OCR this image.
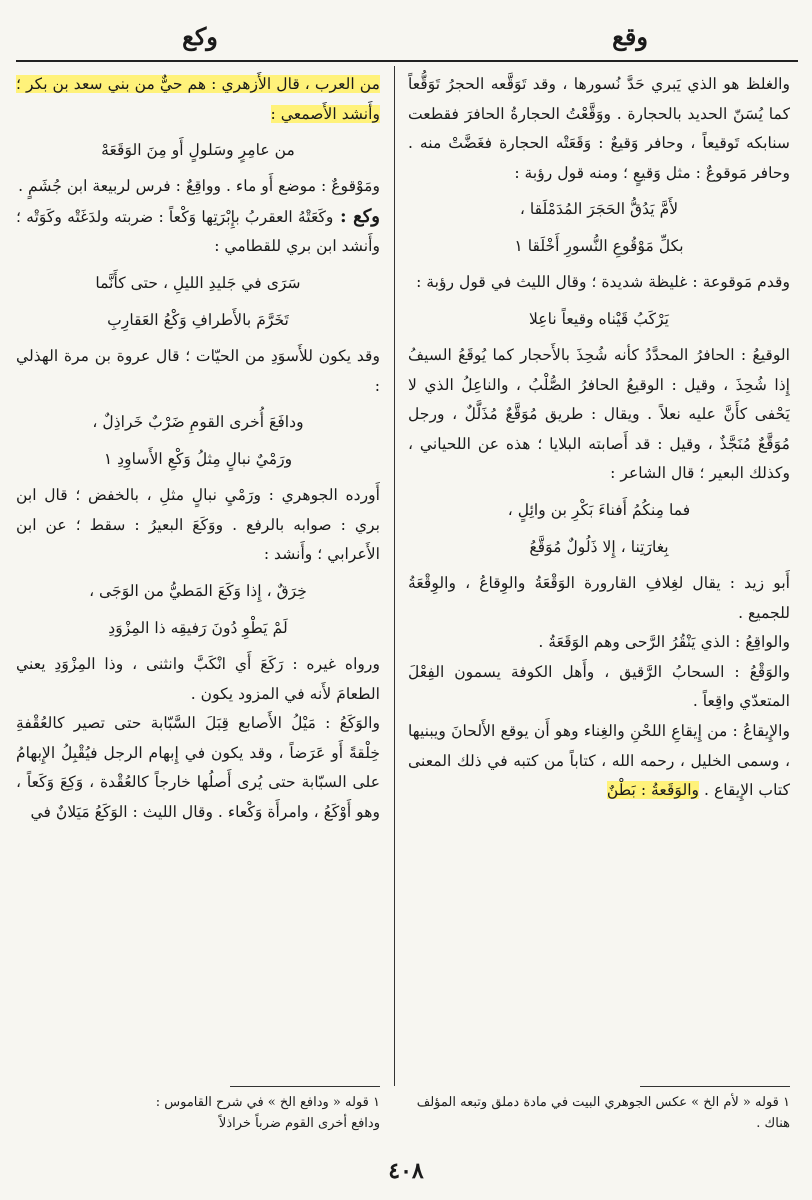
وقع
وكع

والغلظ هو الذي يَبري حَدَّ نُسورها ، وقد تَوَقَّعه الحجرُ تَوَقُّعاً كما يُسَنّ الحديد بالحجارة . ووَقَّعْتُ الحجارةُ الحافرَ فقطعت سنابكه تَوقيعاً ، وحافر وَقيعٌ : وَقَعَتْه الحجارة فغَضَّتْ منه . وحافر مَوقوعٌ : مثل وَقيعٍ ؛ ومنه قول رؤبة :

لأَمَّ يَدُقُّ الحَجَرَ المُدَمْلَقا ،

بكلِّ مَوْقُوعِ النُّسورِ أَخْلَقا ١

وقدم مَوقوعة : غليظة شديدة ؛ وقال الليث في قول رؤبة :

يَرْكَبُ قَيْناه وقيعاً ناعِلا

الوقيعُ : الحافرُ المحدَّدُ كأنه شُحِذَ بالأَحجار كما يُوقَعُ السيفُ إِذا شُحِذَ ، وقيل : الوقيعُ الحافرُ الصُّلْبُ ، والناعِلُ الذي لا يَحْفى كأَنَّ عليه نعلاً . ويقال : طريق مُوَقَّعٌ مُذَلَّلٌ ، ورجل مُوَقَّعٌ مُنَجَّذٌ ، وقيل : قد أَصابته البلايا ؛ هذه عن اللحياني ، وكذلك البعير ؛ قال الشاعر :

فما مِنكُمُ أَفناءَ بَكْرِ بن وائِلٍ ،

بِغارَتِنا ، إِلا ذَلُولٌ مُوَقَّعُ

أَبو زيد : يقال لغِلافِ القارورة الوَقْعَةُ والوِقاعُ ، والوِقْعَةُ للجميع .

والواقِعُ : الذي يَنْقُرُ الرَّحى وهم الوَقَعَةُ .

والوَقْعُ : السحابُ الرَّقيق ، وأَهل الكوفة يسمون الفِعْلَ المتعدّي واقِعاً .

والإِيقاعُ : من إِيقاعِ اللحْنِ والغِناء وهو أَن يوقع الأَلحانَ ويبنيها ، وسمى الخليل ، رحمه الله ، كتاباً من كتبه في ذلك المعنى كتاب الإِيقاع . والوَقَعةُ : بَطْنٌ

من العرب ، قال الأَزهري : هم حيٌّ من بني سعد بن بكر ؛ وأَنشد الأَصمعي :

من عامِرٍ وسَلولٍ أَو مِنَ الوَقَعَهْ

ومَوْقوعٌ : موضع أَو ماء . وواقِعٌ : فرس لربيعة ابن جُشَمٍ .

وكع : وكَعَتْهُ العقربُ بإِبْرَتِها وَكْعاً : ضربته ولدَغَتْه وكَوَتْه ؛ وأَنشد ابن بري للقطامي :

سَرَى في جَليدِ الليلِ ، حتى كأَنَّما

تَخَرَّمَ بالأَطرافِ وَكْعُ العَقارِبِ

وقد يكون للأَسوَدِ من الحيّات ؛ قال عروة بن مرة الهذلي :

ودافَعَ أُخرى القومِ ضَرْبٌ خَراذِلٌ ،

ورَمْيٌ نبالٍ مِثلُ وَكْعِ الأَساوِدِ ١

أَورده الجوهري : ورَمْيِ نبالٍ مثلِ ، بالخفض ؛ قال ابن بري : صوابه بالرفع . ووَكَعَ البعيرُ : سقط ؛ عن ابن الأَعرابي ؛ وأَنشد :

خِرَقٌ ، إِذا وَكَعَ المَطيُّ من الوَجَى ،

لَمْ يَطْوِ دُونَ رَفيقِه ذا المِزْوَدِ

ورواه غيره : رَكَعَ أَي انْكَبَّ وانثنى ، وذا المِزْوَدِ يعني الطعامَ لأَنه في المزود يكون .

والوَكَعُ : مَيْلُ الأَصابع قِبَلَ السَّبّابة حتى تصير كالعُقْفةِ خِلْقةً أَو عَرَضاً ، وقد يكون في إِبهام الرجل فيُقْبِلُ الإِبهامُ على السبّابة حتى يُرى أَصلُها خارجاً كالعُقْدة ، وَكِعَ وَكَعاً ، وهو أَوْكَعُ ، وامرأَة وَكْعاء . وقال الليث : الوَكَعُ مَيَلانٌ في

١ قوله « لأم الخ » عكس الجوهري البيت في مادة دملق وتبعه المؤلف هناك .
١ قوله « ودافع الخ » في شرح القاموس :
ودافع أخرى القوم ضرباً خراذلاً
٤٠٨
